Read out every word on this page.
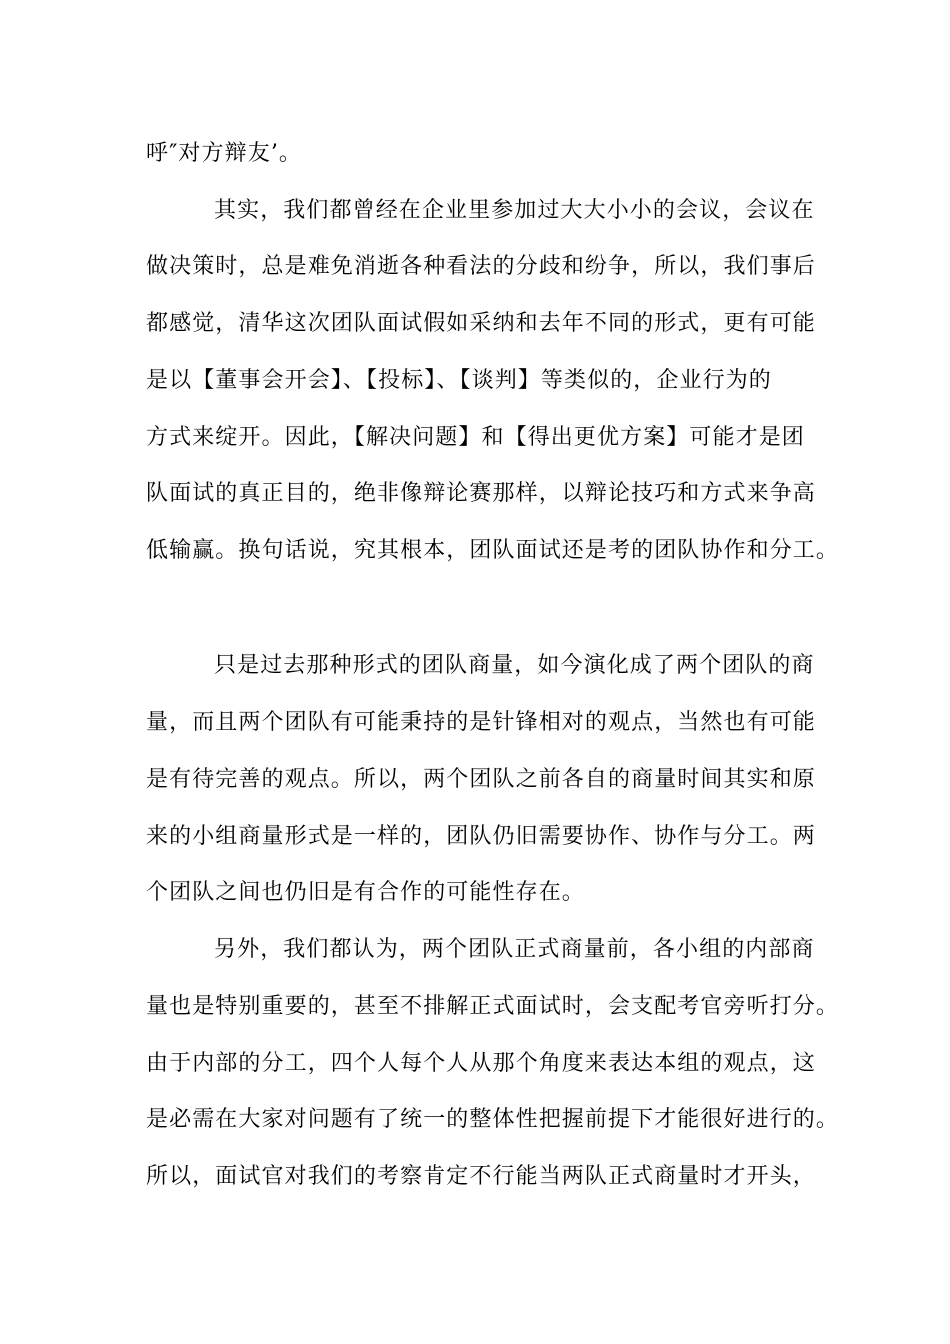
呼″对方辩友’。
其实，我们都曾经在企业里参加过大大小小的会议，会议在
做决策时，总是难免消逝各种看法的分歧和纷争，所以，我们事后
都感觉，清华这次团队面试假如采纳和去年不同的形式，更有可能
是以【董事会开会】、【投标】、【谈判】等类似的，企业行为的
方式来绽开。因此，【解决问题】和【得出更优方案】可能才是团
队面试的真正目的，绝非像辩论赛那样，以辩论技巧和方式来争高
低输赢。换句话说，究其根本，团队面试还是考的团队协作和分工。
只是过去那种形式的团队商量，如今演化成了两个团队的商
量，而且两个团队有可能秉持的是针锋相对的观点，当然也有可能
是有待完善的观点。所以，两个团队之前各自的商量时间其实和原
来的小组商量形式是一样的，团队仍旧需要协作、协作与分工。两
个团队之间也仍旧是有合作的可能性存在。
另外，我们都认为，两个团队正式商量前，各小组的内部商
量也是特别重要的，甚至不排解正式面试时，会支配考官旁听打分。
由于内部的分工，四个人每个人从那个角度来表达本组的观点，这
是必需在大家对问题有了统一的整体性把握前提下才能很好进行的。
所以，面试官对我们的考察肯定不行能当两队正式商量时才开头，
